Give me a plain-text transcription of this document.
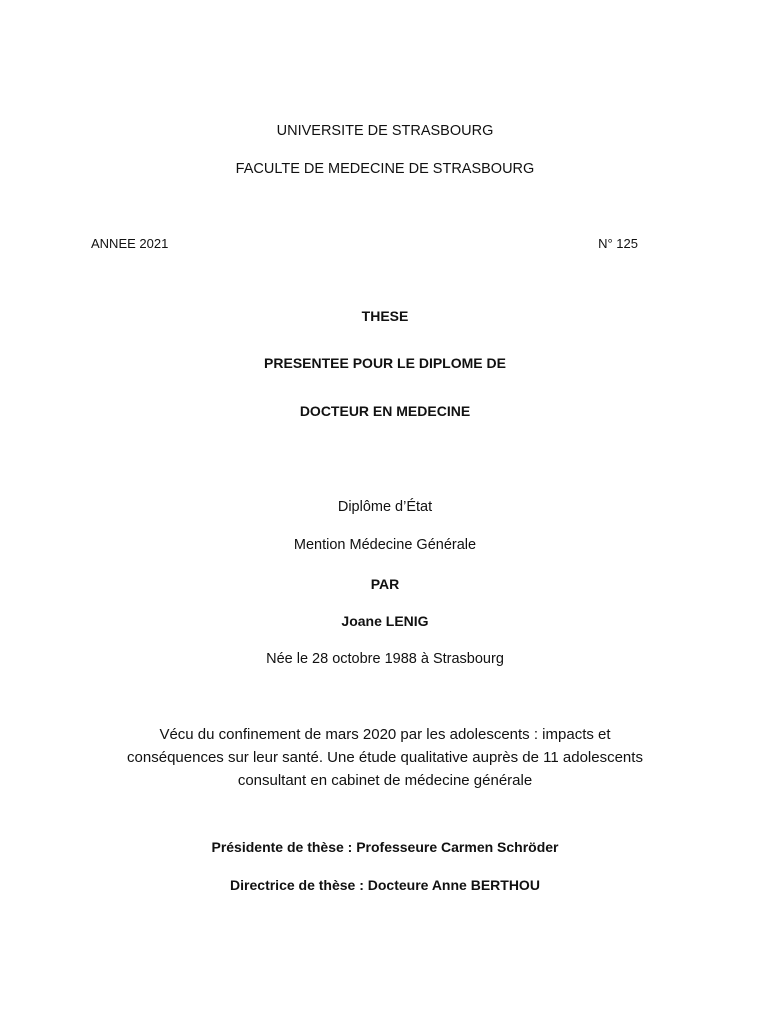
UNIVERSITE DE STRASBOURG
FACULTE DE MEDECINE DE STRASBOURG
ANNEE 2021	N° 125
THESE
PRESENTEE POUR LE DIPLOME DE
DOCTEUR EN MEDECINE
Diplôme d’État
Mention Médecine Générale
PAR
Joane LENIG
Née le 28 octobre 1988 à Strasbourg
Vécu du confinement de mars 2020 par les adolescents : impacts et
conséquences sur leur santé. Une étude qualitative auprès de 11 adolescents
consultant en cabinet de médecine générale
Présidente de thèse : Professeure Carmen Schröder
Directrice de thèse : Docteure Anne BERTHOU
